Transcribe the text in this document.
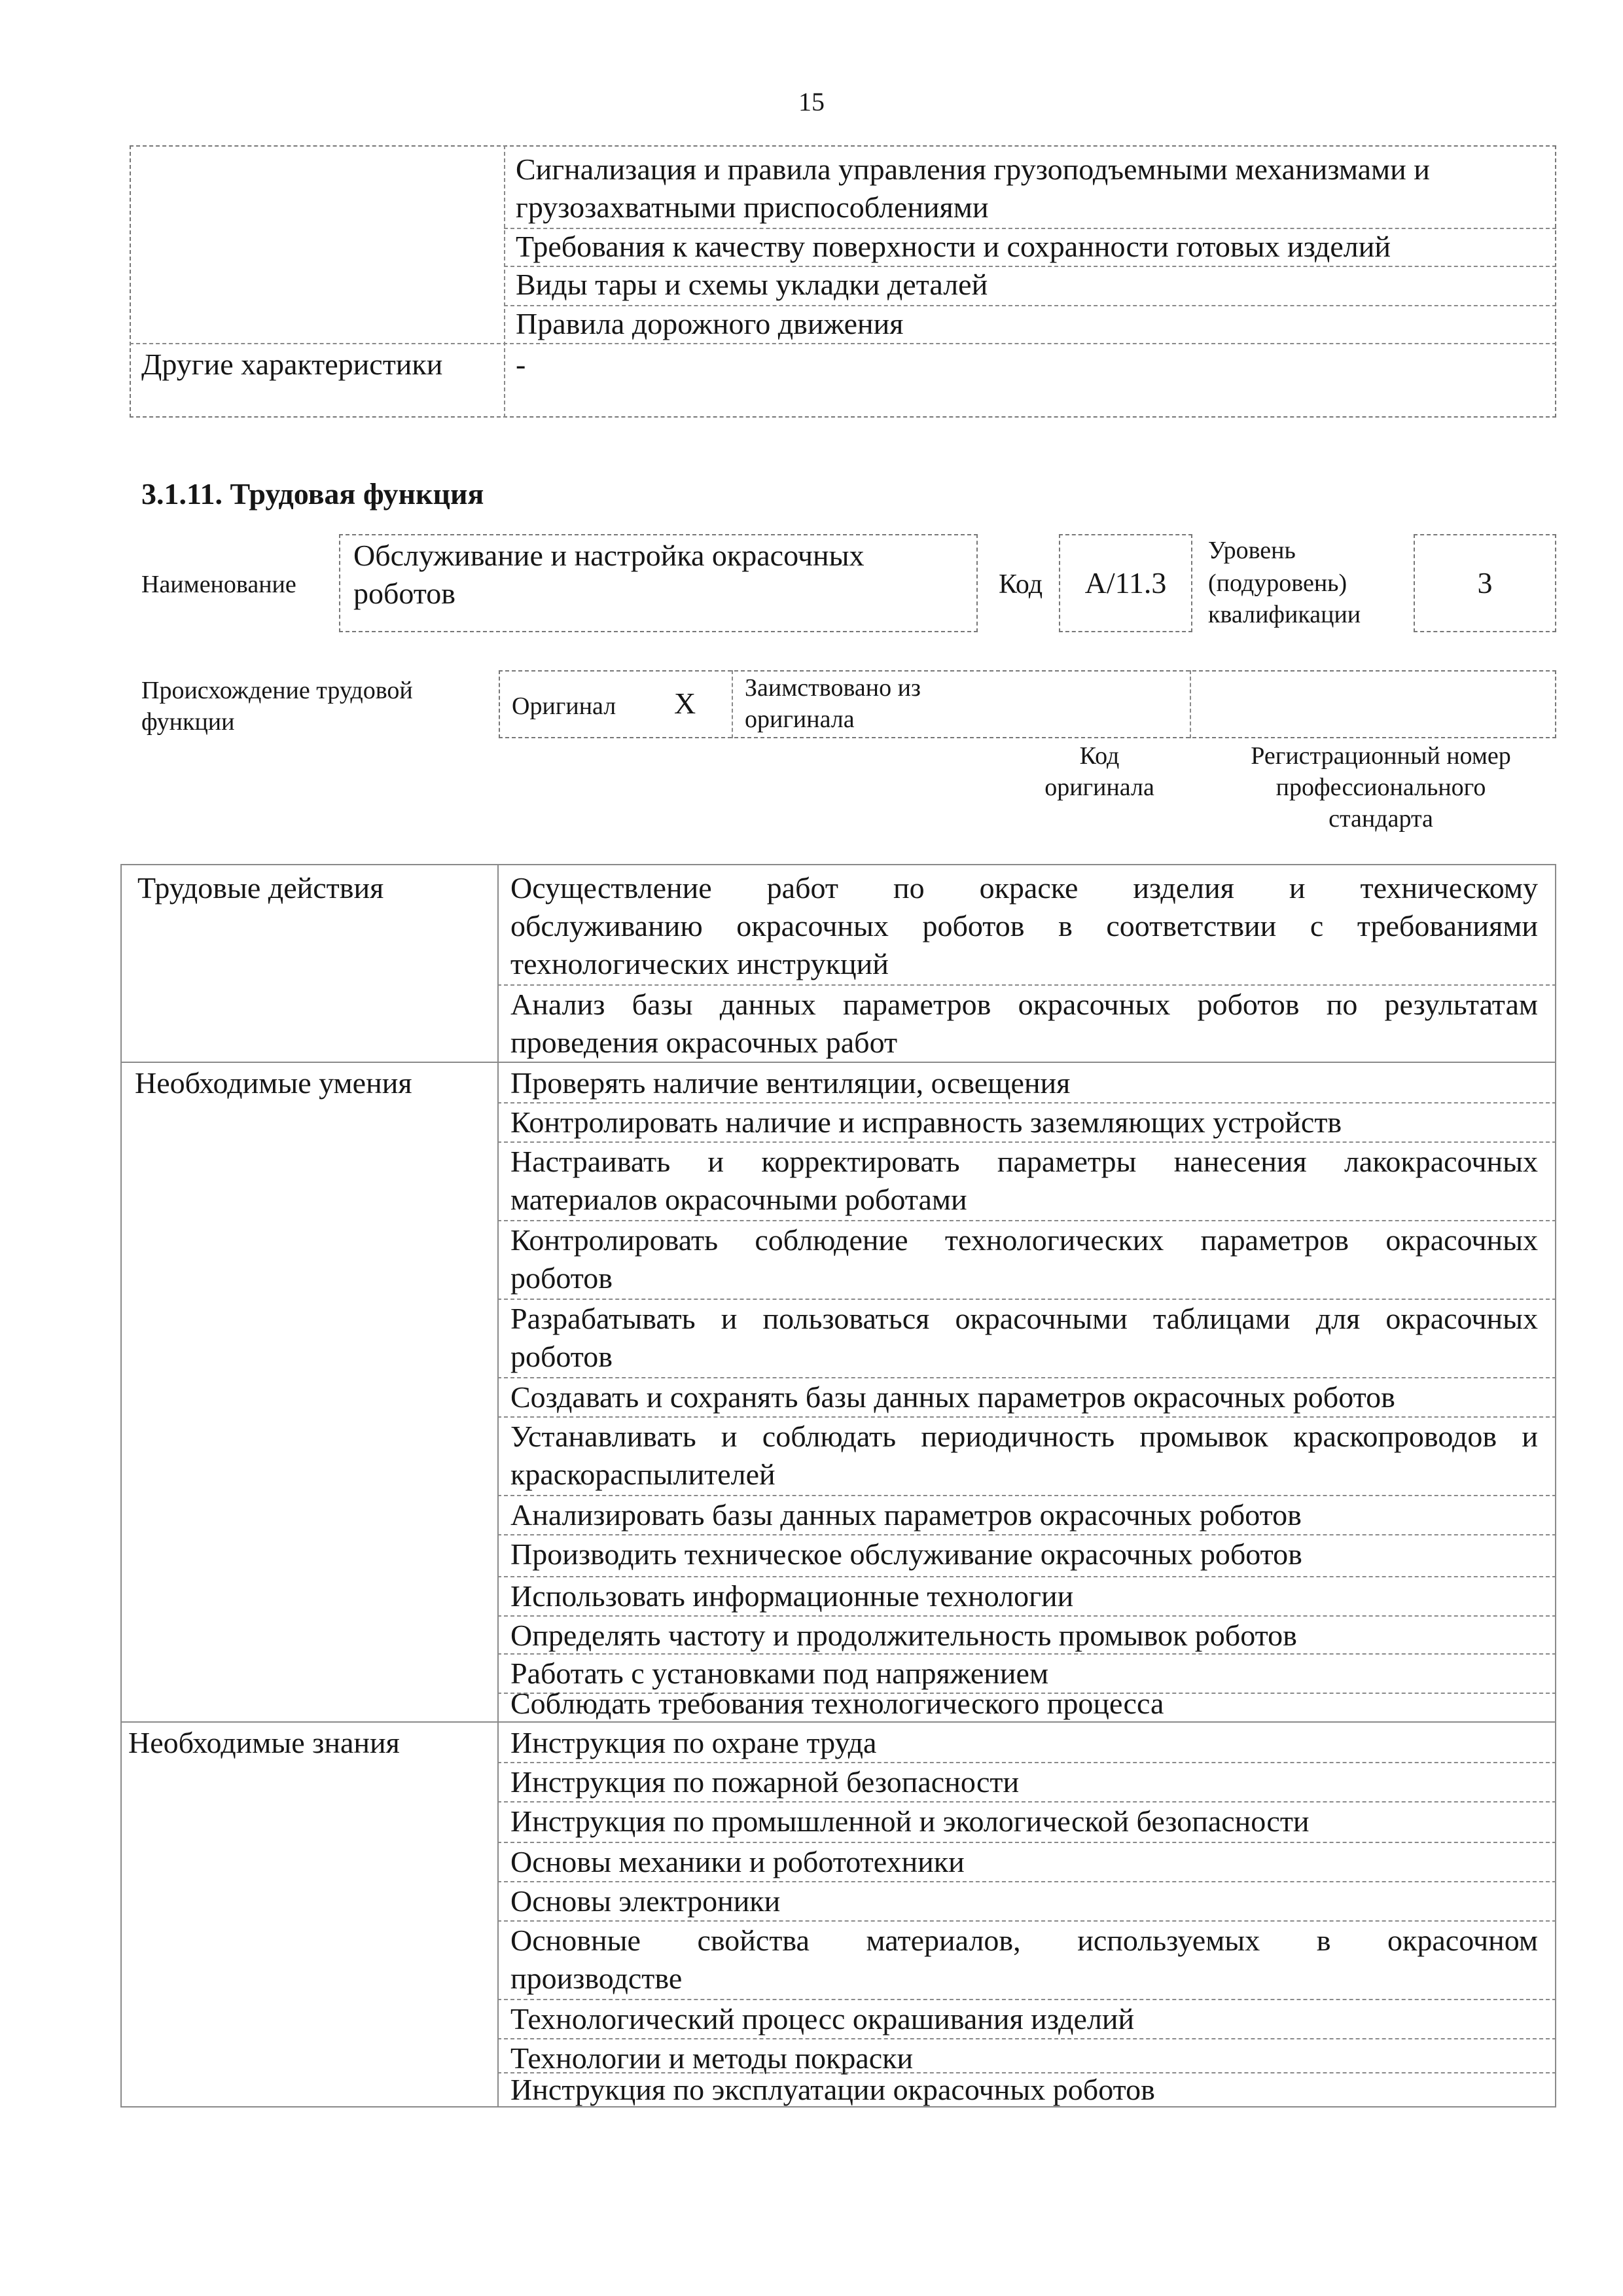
15
Сигнализация и правила управления грузоподъемными механизмами и
грузозахватными приспособлениями
Требования к качеству поверхности и сохранности готовых изделий
Виды тары и схемы укладки деталей
Правила дорожного движения
Другие характеристики -
3.1.11. Трудовая функция
Наименование
Обслуживание и настройка окрасочных
роботов	Код	A/11.3
Уровень
(подуровень)
квалификации
3
Происхождение трудовой
функции
Оригинал X Заимствовано из
оригинала
Код
оригинала
Регистрационный номер
профессионального
стандарта
Трудовые действия
Необходимые умения
Необходимые знания
Осуществление работ по окраске изделия и техническому
обслуживанию окрасочных роботов в соответствии с требованиями
технологических инструкций
Анализ базы данных параметров окрасочных роботов по результатам
проведения окрасочных работ
Проверять наличие вентиляции, освещения
Контролировать наличие и исправность заземляющих устройств
Настраивать и корректировать параметры нанесения лакокрасочных
материалов окрасочными роботами
Контролировать соблюдение технологических параметров окрасочных
роботов
Разрабатывать и пользоваться окрасочными таблицами для окрасочных
роботов
Создавать и сохранять базы данных параметров окрасочных роботов
Устанавливать и соблюдать периодичность промывок краскопроводов и
краскораспылителей
Анализировать базы данных параметров окрасочных роботов
Производить техническое обслуживание окрасочных роботов
Использовать информационные технологии
Определять частоту и продолжительность промывок роботов
Работать с установками под напряжением
Соблюдать требования технологического процесса
Инструкция по охране труда
Инструкция по пожарной безопасности
Инструкция по промышленной и экологической безопасности
Основы механики и робототехники
Основы электроники
Основные свойства материалов, используемых в окрасочном
производстве
Технологический процесс окрашивания изделий
Технологии и методы покраски
Инструкция по эксплуатации окрасочных роботов
